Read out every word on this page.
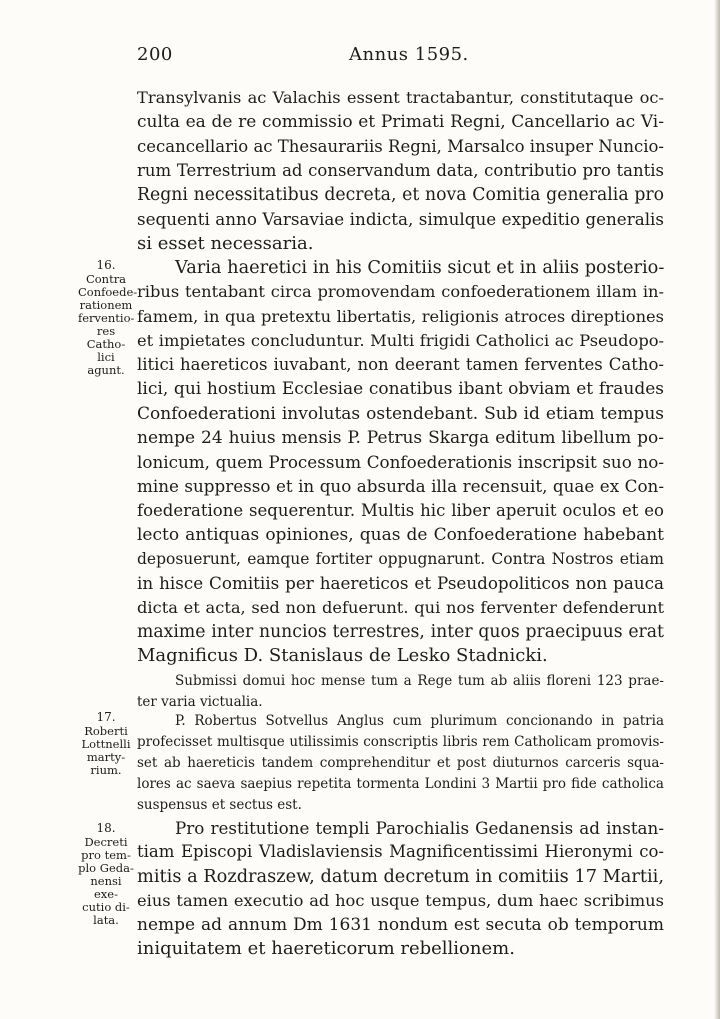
200	Annus 1595.
Transylvanis ac Valachis essent tractabantur, constitutaque oc-
culta ea de re commissio et Primati Regni, Cancellario ac Vi-
cecancellario ac Thesaurariis Regni, Marsalco insuper Nuncio-
rum Terrestrium ad conservandum data, contributio pro tantis
Regni necessitatibus decreta, et nova Comitia generalia pro
sequenti anno Varsaviae indicta, simulque expeditio generalis
si esset necessaria.
16.
Contra
Confoede-
rationem
ferventio-
res Catho-
lici agunt.
Varia haeretici in his Comitiis sicut et in aliis posterio-
ribus tentabant circa promovendam confoederationem illam in-
famem, in qua pretextu libertatis, religionis atroces direptiones
et impietates concluduntur. Multi frigidi Catholici ac Pseudopo-
litici haereticos iuvabant, non deerant tamen ferventes Catho-
lici, qui hostium Ecclesiae conatibus ibant obviam et fraudes
Confoederationi involutas ostendebant. Sub id etiam tempus
nempe 24 huius mensis P. Petrus Skarga editum libellum po-
lonicum, quem Processum Confoederationis inscripsit suo no-
mine suppresso et in quo absurda illa recensuit, quae ex Con-
foederatione sequerentur. Multis hic liber aperuit oculos et eo
lecto antiquas opiniones, quas de Confoederatione habebant
deposuerunt, eamque fortiter oppugnarunt. Contra Nostros etiam
in hisce Comitiis per haereticos et Pseudopoliticos non pauca
dicta et acta, sed non defuerunt. qui nos ferventer defenderunt
maxime inter nuncios terrestres, inter quos praecipuus erat
Magnificus D. Stanislaus de Lesko Stadnicki.
Submissi domui hoc mense tum a Rege tum ab aliis floreni 123 prae-
ter varia victualia.
17.
Roberti
Lottnelli
marty-
rium.
P. Robertus Sotvellus Anglus cum plurimum concionando in patria
profecisset multisque utilissimis conscriptis libris rem Catholicam promovis-
set ab haereticis tandem comprehenditur et post diuturnos carceris squa-
lores ac saeva saepius repetita tormenta Londini 3 Martii pro fide catholica
suspensus et sectus est.
18.
Decreti
pro tem-
plo Geda-
nensi exe-
cutio di-
lata.
Pro restitutione templi Parochialis Gedanensis ad instan-
tiam Episcopi Vladislaviensis Magnificentissimi Hieronymi co-
mitis a Rozdraszew, datum decretum in comitiis 17 Martii,
eius tamen executio ad hoc usque tempus, dum haec scribimus
nempe ad annum Dm 1631 nondum est secuta ob temporum
iniquitatem et haereticorum rebellionem.
